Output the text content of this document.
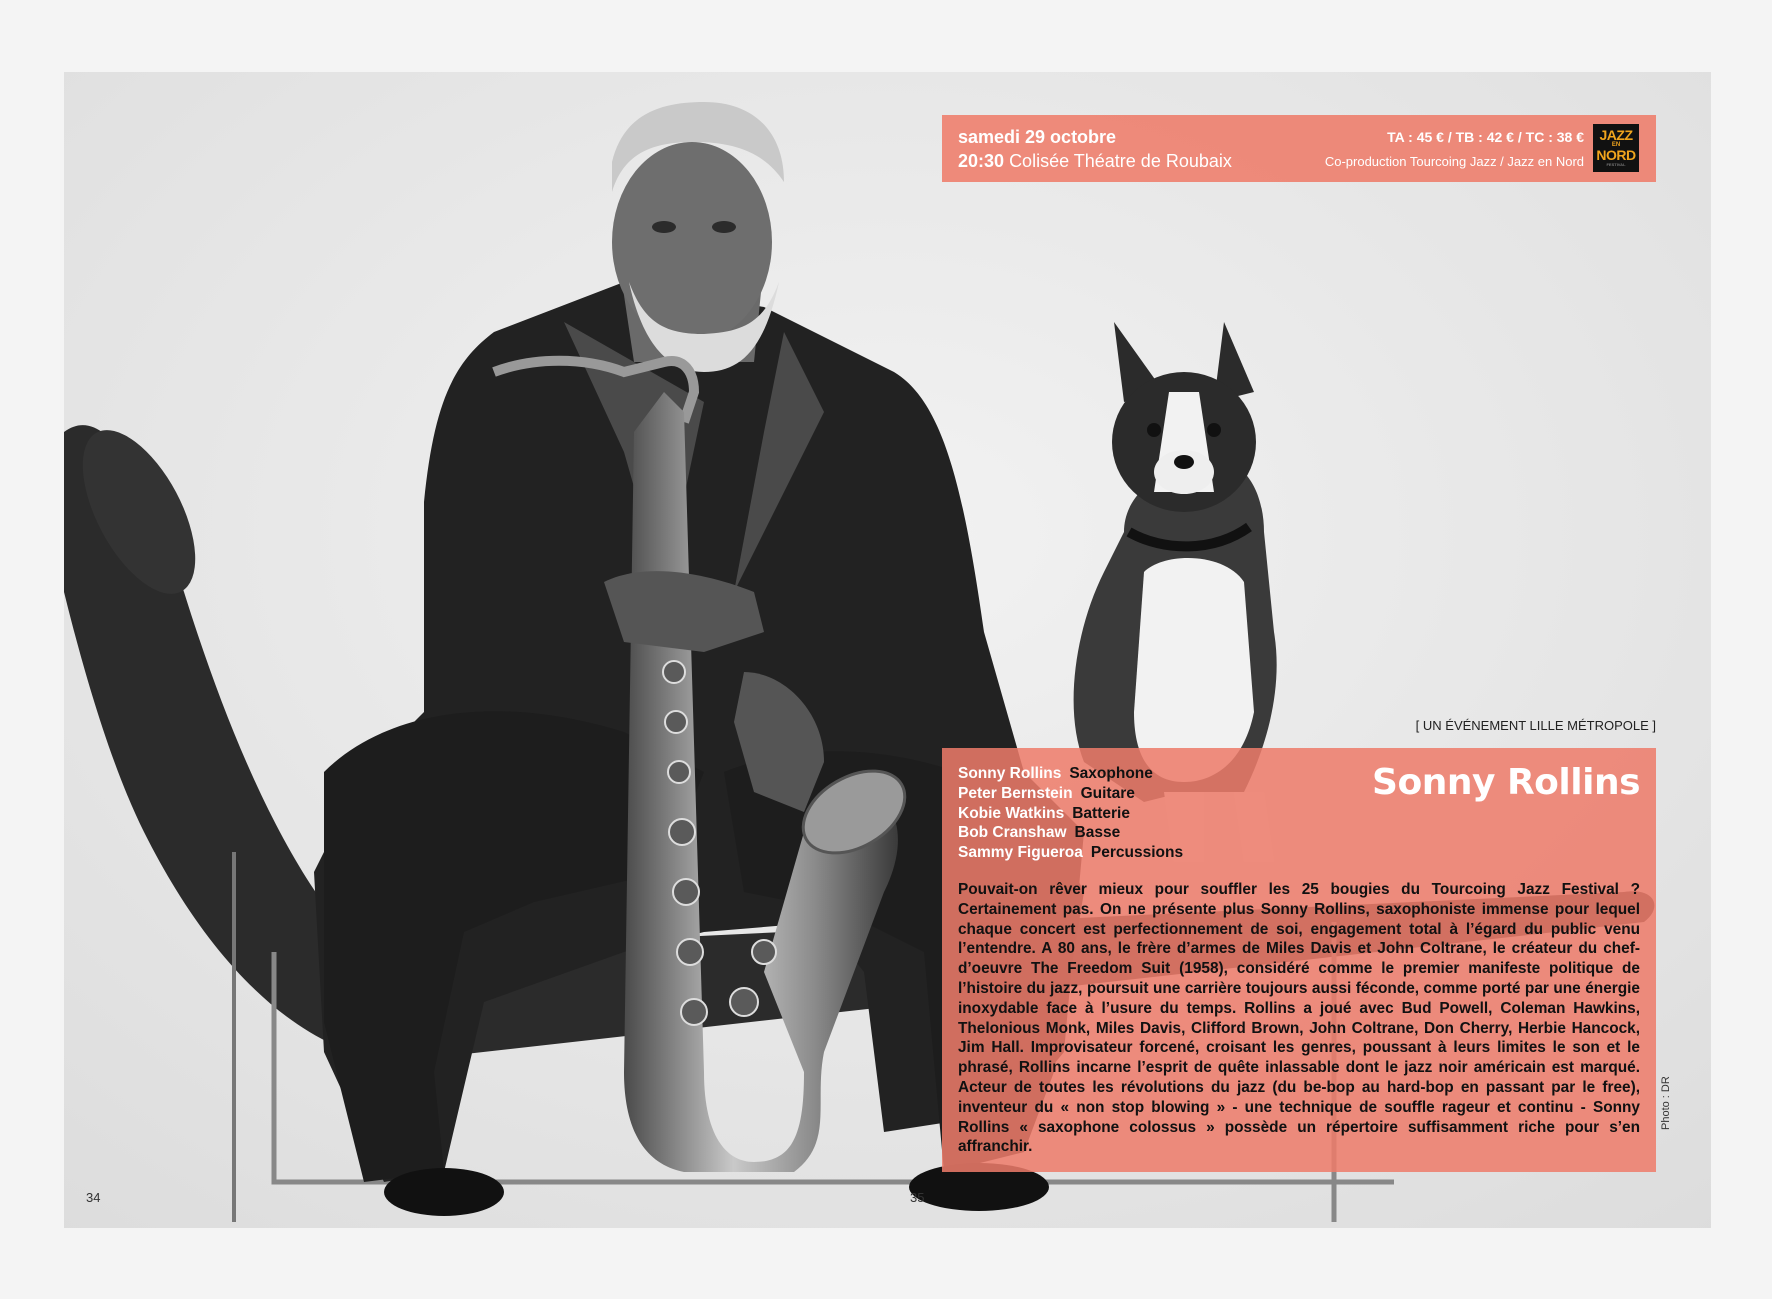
samedi 29 octobre
20:30 Colisée Théatre de Roubaix
TA : 45 € / TB : 42 € / TC : 38 €
Co-production Tourcoing Jazz / Jazz en Nord
JAZZ
EN
NORD
FESTIVAL
[ UN ÉVÉNEMENT LILLE MÉTROPOLE ]
Sonny Rollins
Sonny Rollins Saxophone
Peter Bernstein Guitare
Kobie Watkins Batterie
Bob Cranshaw Basse
Sammy Figueroa Percussions

Pouvait-on rêver mieux pour souffler les 25 bougies du Tourcoing Jazz Festival ? Certainement pas. On ne présente plus Sonny Rollins, saxophoniste immense pour lequel chaque concert est perfectionnement de soi, engagement total à l’égard du public venu l’entendre. A 80 ans, le frère d’armes de Miles Davis et John Coltrane, le créateur du chef-d’oeuvre The Freedom Suit (1958), considéré comme le premier manifeste politique de l’histoire du jazz, poursuit une carrière toujours aussi féconde, comme porté par une énergie inoxydable face à l’usure du temps. Rollins a joué avec Bud Powell, Coleman Hawkins, Thelonious Monk, Miles Davis, Clifford Brown, John Coltrane, Don Cherry, Herbie Hancock, Jim Hall. Improvisateur forcené, croisant les genres, poussant à leurs limites le son et le phrasé, Rollins incarne l’esprit de quête inlassable dont le jazz noir américain est marqué. Acteur de toutes les révolutions du jazz (du be-bop au hard-bop en passant par le free), inventeur du « non stop blowing » - une technique de souffle rageur et continu - Sonny Rollins « saxophone colossus » possède un répertoire suffisamment riche pour s’en affranchir.

34	35
Photo : DR
